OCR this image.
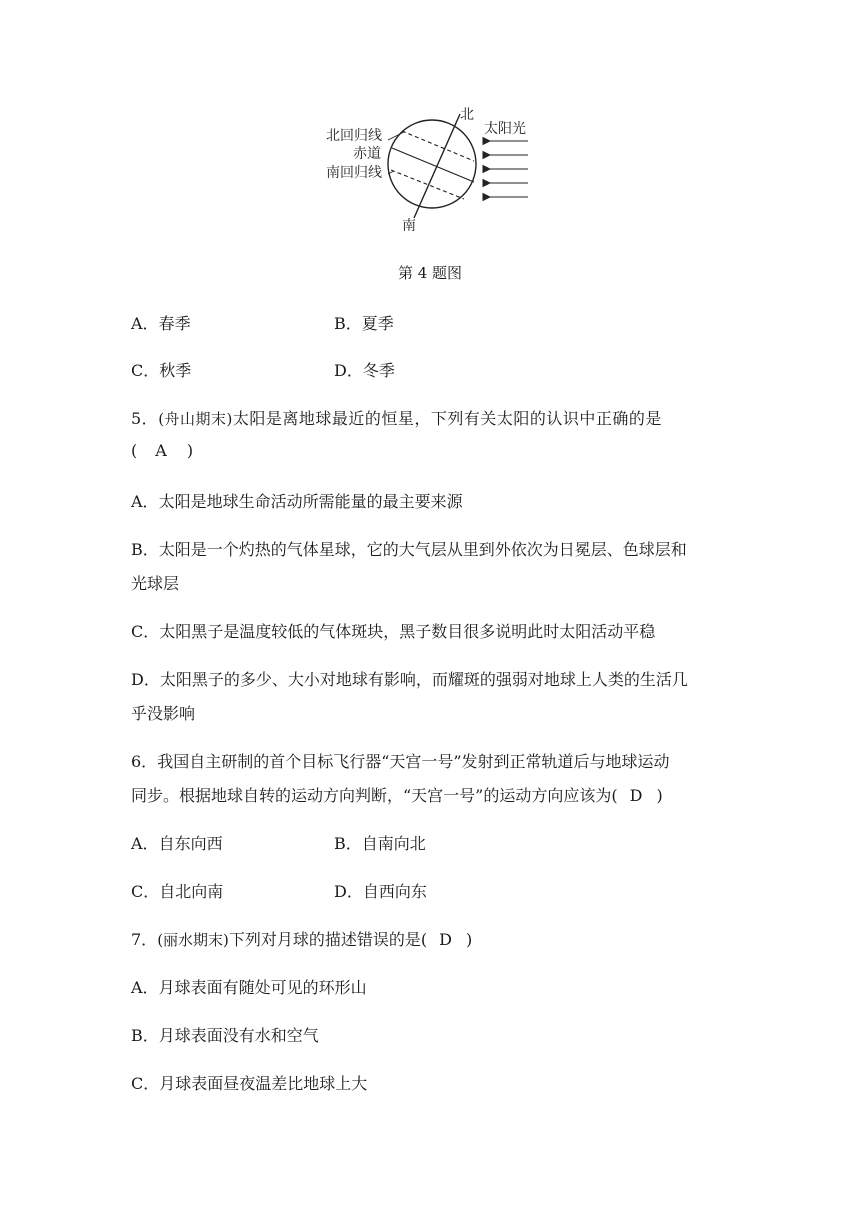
北
南
北回归线
赤道
南回归线
太阳光
第 4 题图
A．春季	B．夏季
C．秋季	D．冬季
5．(舟山期末)太阳是离地球最近的恒星，下列有关太阳的认识中正确的是
( A )
A．太阳是地球生命活动所需能量的最主要来源
B．太阳是一个灼热的气体星球，它的大气层从里到外依次为日冕层、色球层和
光球层
C．太阳黑子是温度较低的气体斑块，黑子数目很多说明此时太阳活动平稳
D．太阳黑子的多少、大小对地球有影响，而耀斑的强弱对地球上人类的生活几
乎没影响
6．我国自主研制的首个目标飞行器“天宫一号”发射到正常轨道后与地球运动
同步。根据地球自转的运动方向判断，“天宫一号”的运动方向应该为( D )
A．自东向西	B．自南向北
C．自北向南	D．自西向东
7．(丽水期末)下列对月球的描述错误的是( D )
A．月球表面有随处可见的环形山
B．月球表面没有水和空气
C．月球表面昼夜温差比地球上大
